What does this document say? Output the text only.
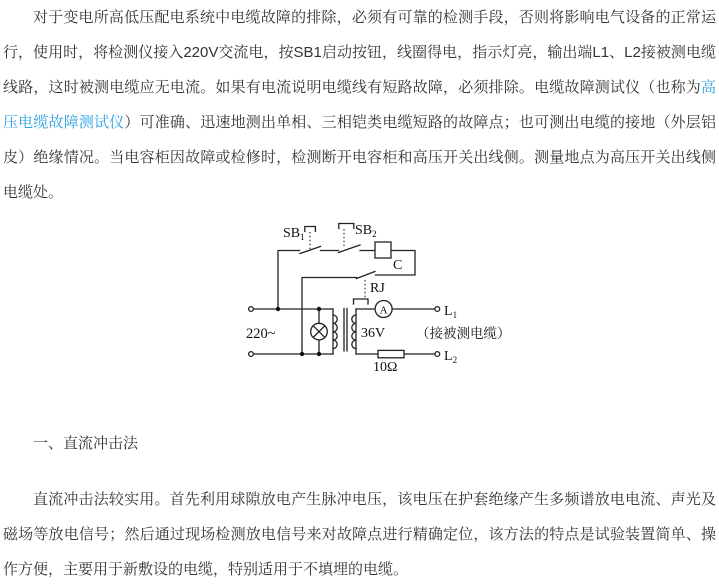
对于变电所高低压配电系统中电缆故障的排除，必须有可靠的检测手段，否则将影响电气设备的正常运行，使用时，将检测仪接入220V交流电，按SB1启动按钮，线圈得电，指示灯亮，输出端L1、L2接被测电缆线路，这时被测电缆应无电流。如果有电流说明电缆线有短路故障，必须排除。电缆故障测试仪（也称为高压电缆故障测试仪）可准确、迅速地测出单相、三相铠类电缆短路的故障点；也可测出电缆的接地（外层铝皮）绝缘情况。当电容柜因故障或检修时，检测断开电容柜和高压开关出线侧。测量地点为高压开关出线侧电缆处。

220~
$SB_1$	$SB_2$
C
RJ
36V
A
10Ω
$L_1$
$L_2$
（接被测电缆）
一、直流冲击法

直流冲击法较实用。首先利用球隙放电产生脉冲电压，该电压在护套绝缘产生多频谱放电电流、声光及磁场等放电信号；然后通过现场检测放电信号来对故障点进行精确定位，该方法的特点是试验装置简单、操作方便，主要用于新敷设的电缆，特别适用于不填埋的电缆。
